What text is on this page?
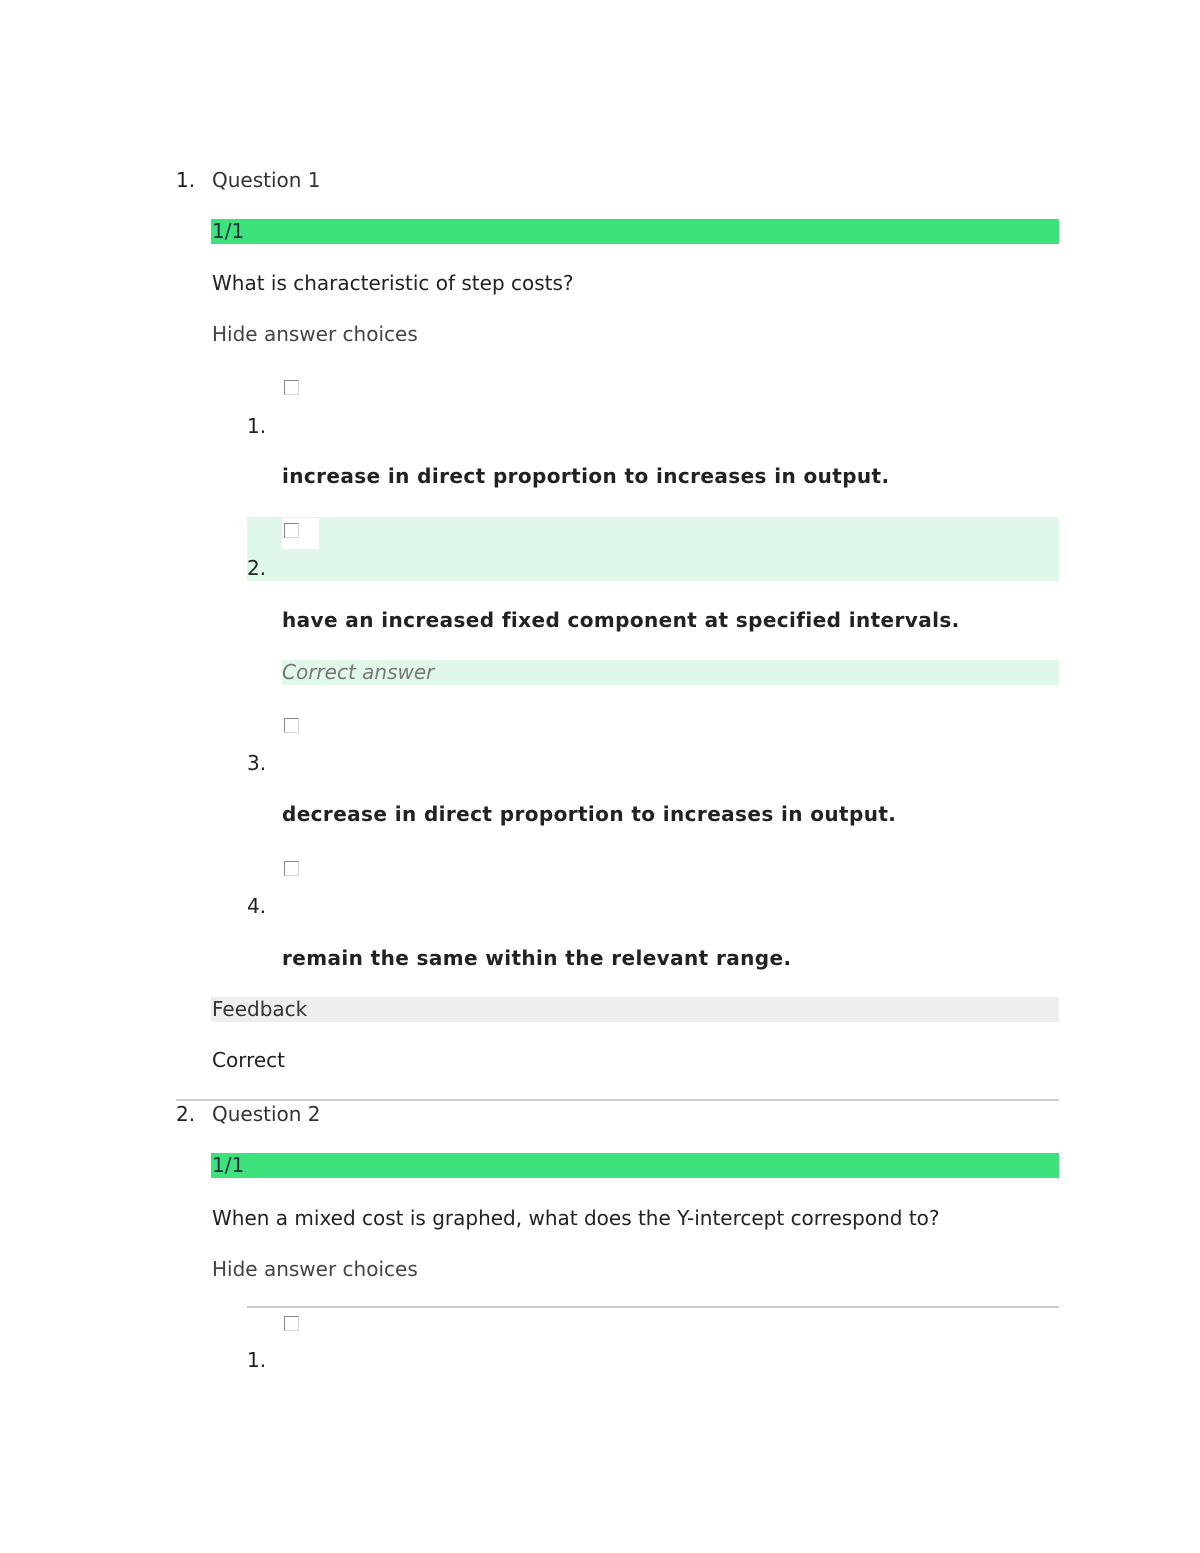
1. Question 1
1/1
What is characteristic of step costs?
Hide answer choices
1.
increase in direct proportion to increases in output.
2.
have an increased fixed component at specified intervals.
Correct answer
3.
decrease in direct proportion to increases in output.
4.
remain the same within the relevant range.
Feedback
Correct
2. Question 2
1/1
When a mixed cost is graphed, what does the Y-intercept correspond to?
Hide answer choices
1.
